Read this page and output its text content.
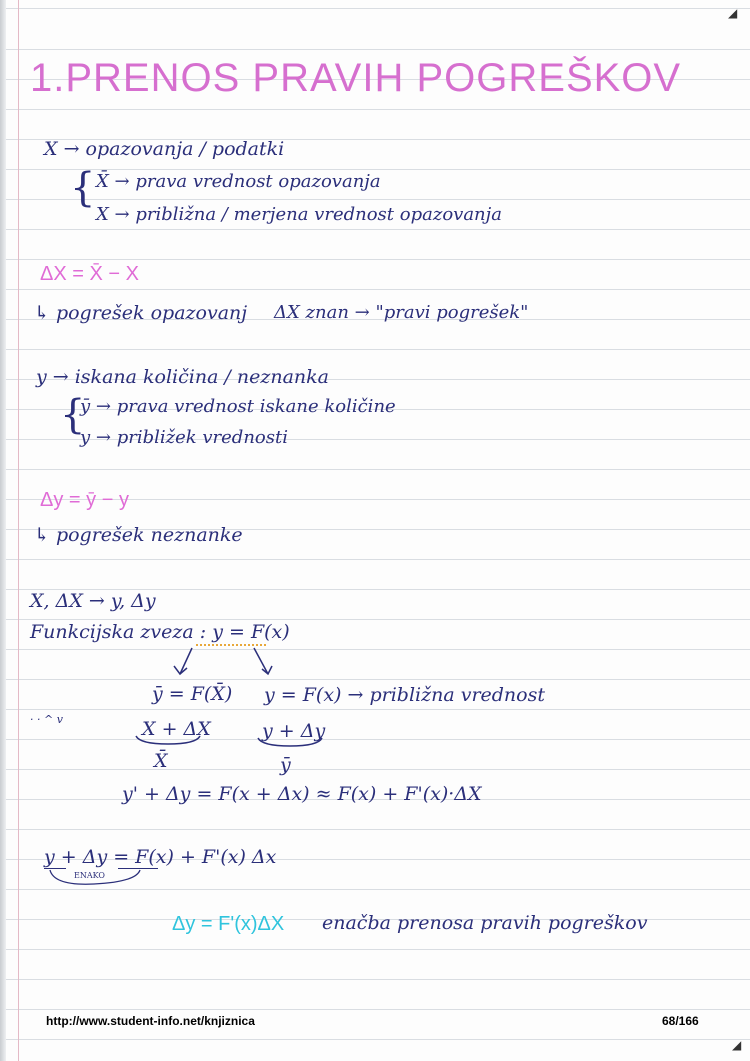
◢
◢
1.PRENOS PRAVIH POGREŠKOV
X → opazovanja / podatki
{ X̄ → prava vrednost opazovanja
X → približna / merjena vrednost opazovanja
ΔX = X̄ − X
↳ pogrešek opazovanj ΔX znan → "pravi pogrešek"
y → iskana količina / neznanka
{
ȳ → prava vrednost iskane količine
y → približek vrednosti
Δy = ȳ − y
↳ pogrešek neznanke
X, ΔX → y, Δy
Funkcijska zveza : y = F(x)
ȳ = F(X̄) y = F(x) → približna vrednost
· · ^ v	X + ΔX
X̄
y + Δy
ȳ
y' + Δy = F(x + Δx) ≈ F(x) + F'(x)·ΔX
y + Δy = F(x) + F'(x) Δx
ENAKO
Δy = F'(x)ΔX enačba prenosa pravih pogreškov
http://www.student-info.net/knjiznica	68/166
